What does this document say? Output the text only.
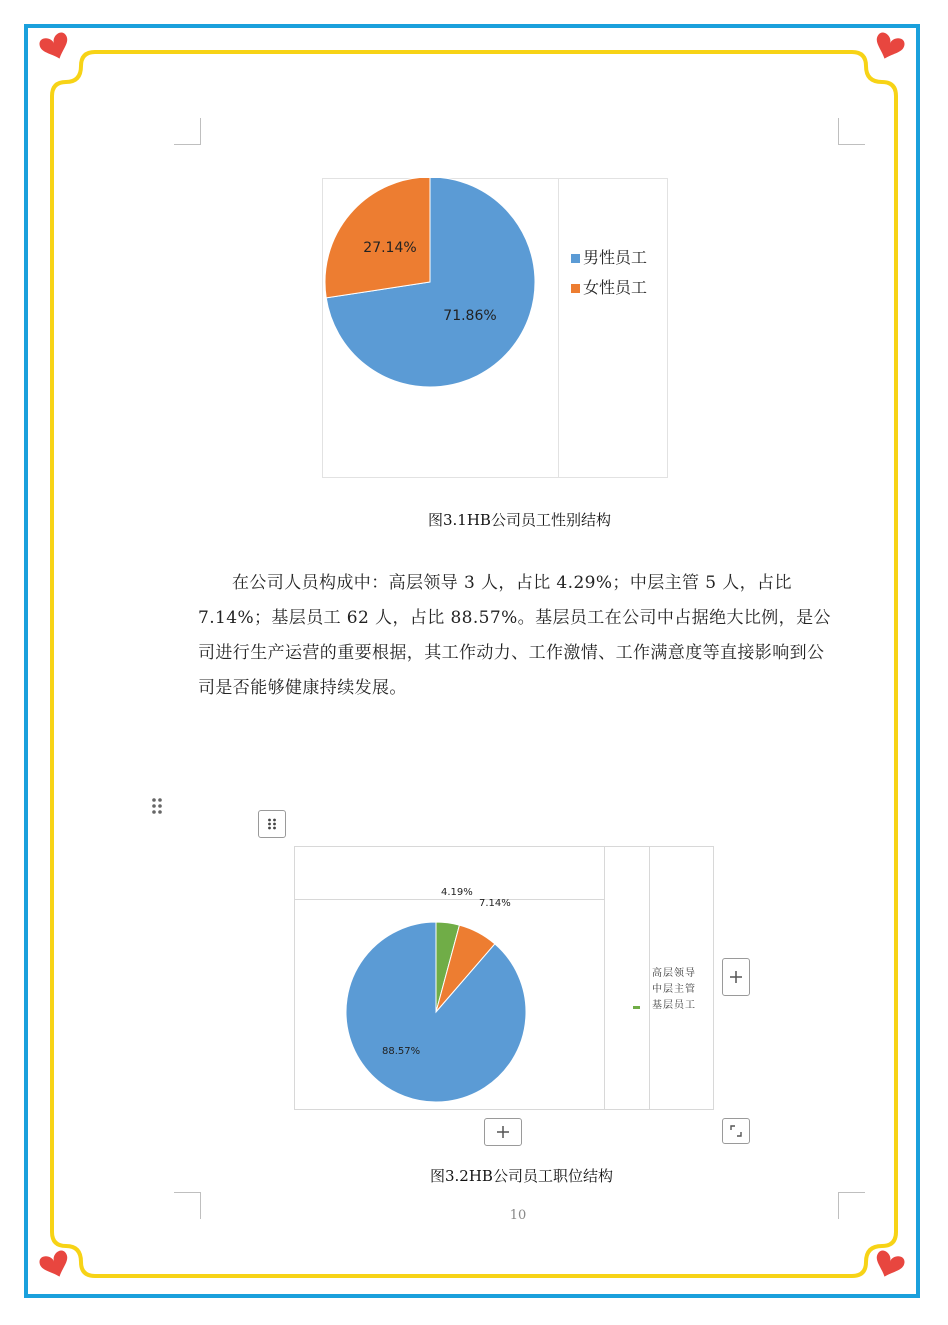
71.86%
27.14%	男性员工
女性员工
图3.1HB公司员工性别结构

在公司人员构成中：高层领导 3 人，占比 4.29%；中层主管 5 人，占比 7.14%；基层员工 62 人，占比 88.57%。基层员工在公司中占据绝大比例，是公司进行生产运营的重要根据，其工作动力、工作激情、工作满意度等直接影响到公司是否能够健康持续发展。

4.19%
7.14%
88.57%
高层领导
中层主管
基层员工
图3.2HB公司员工职位结构
10
